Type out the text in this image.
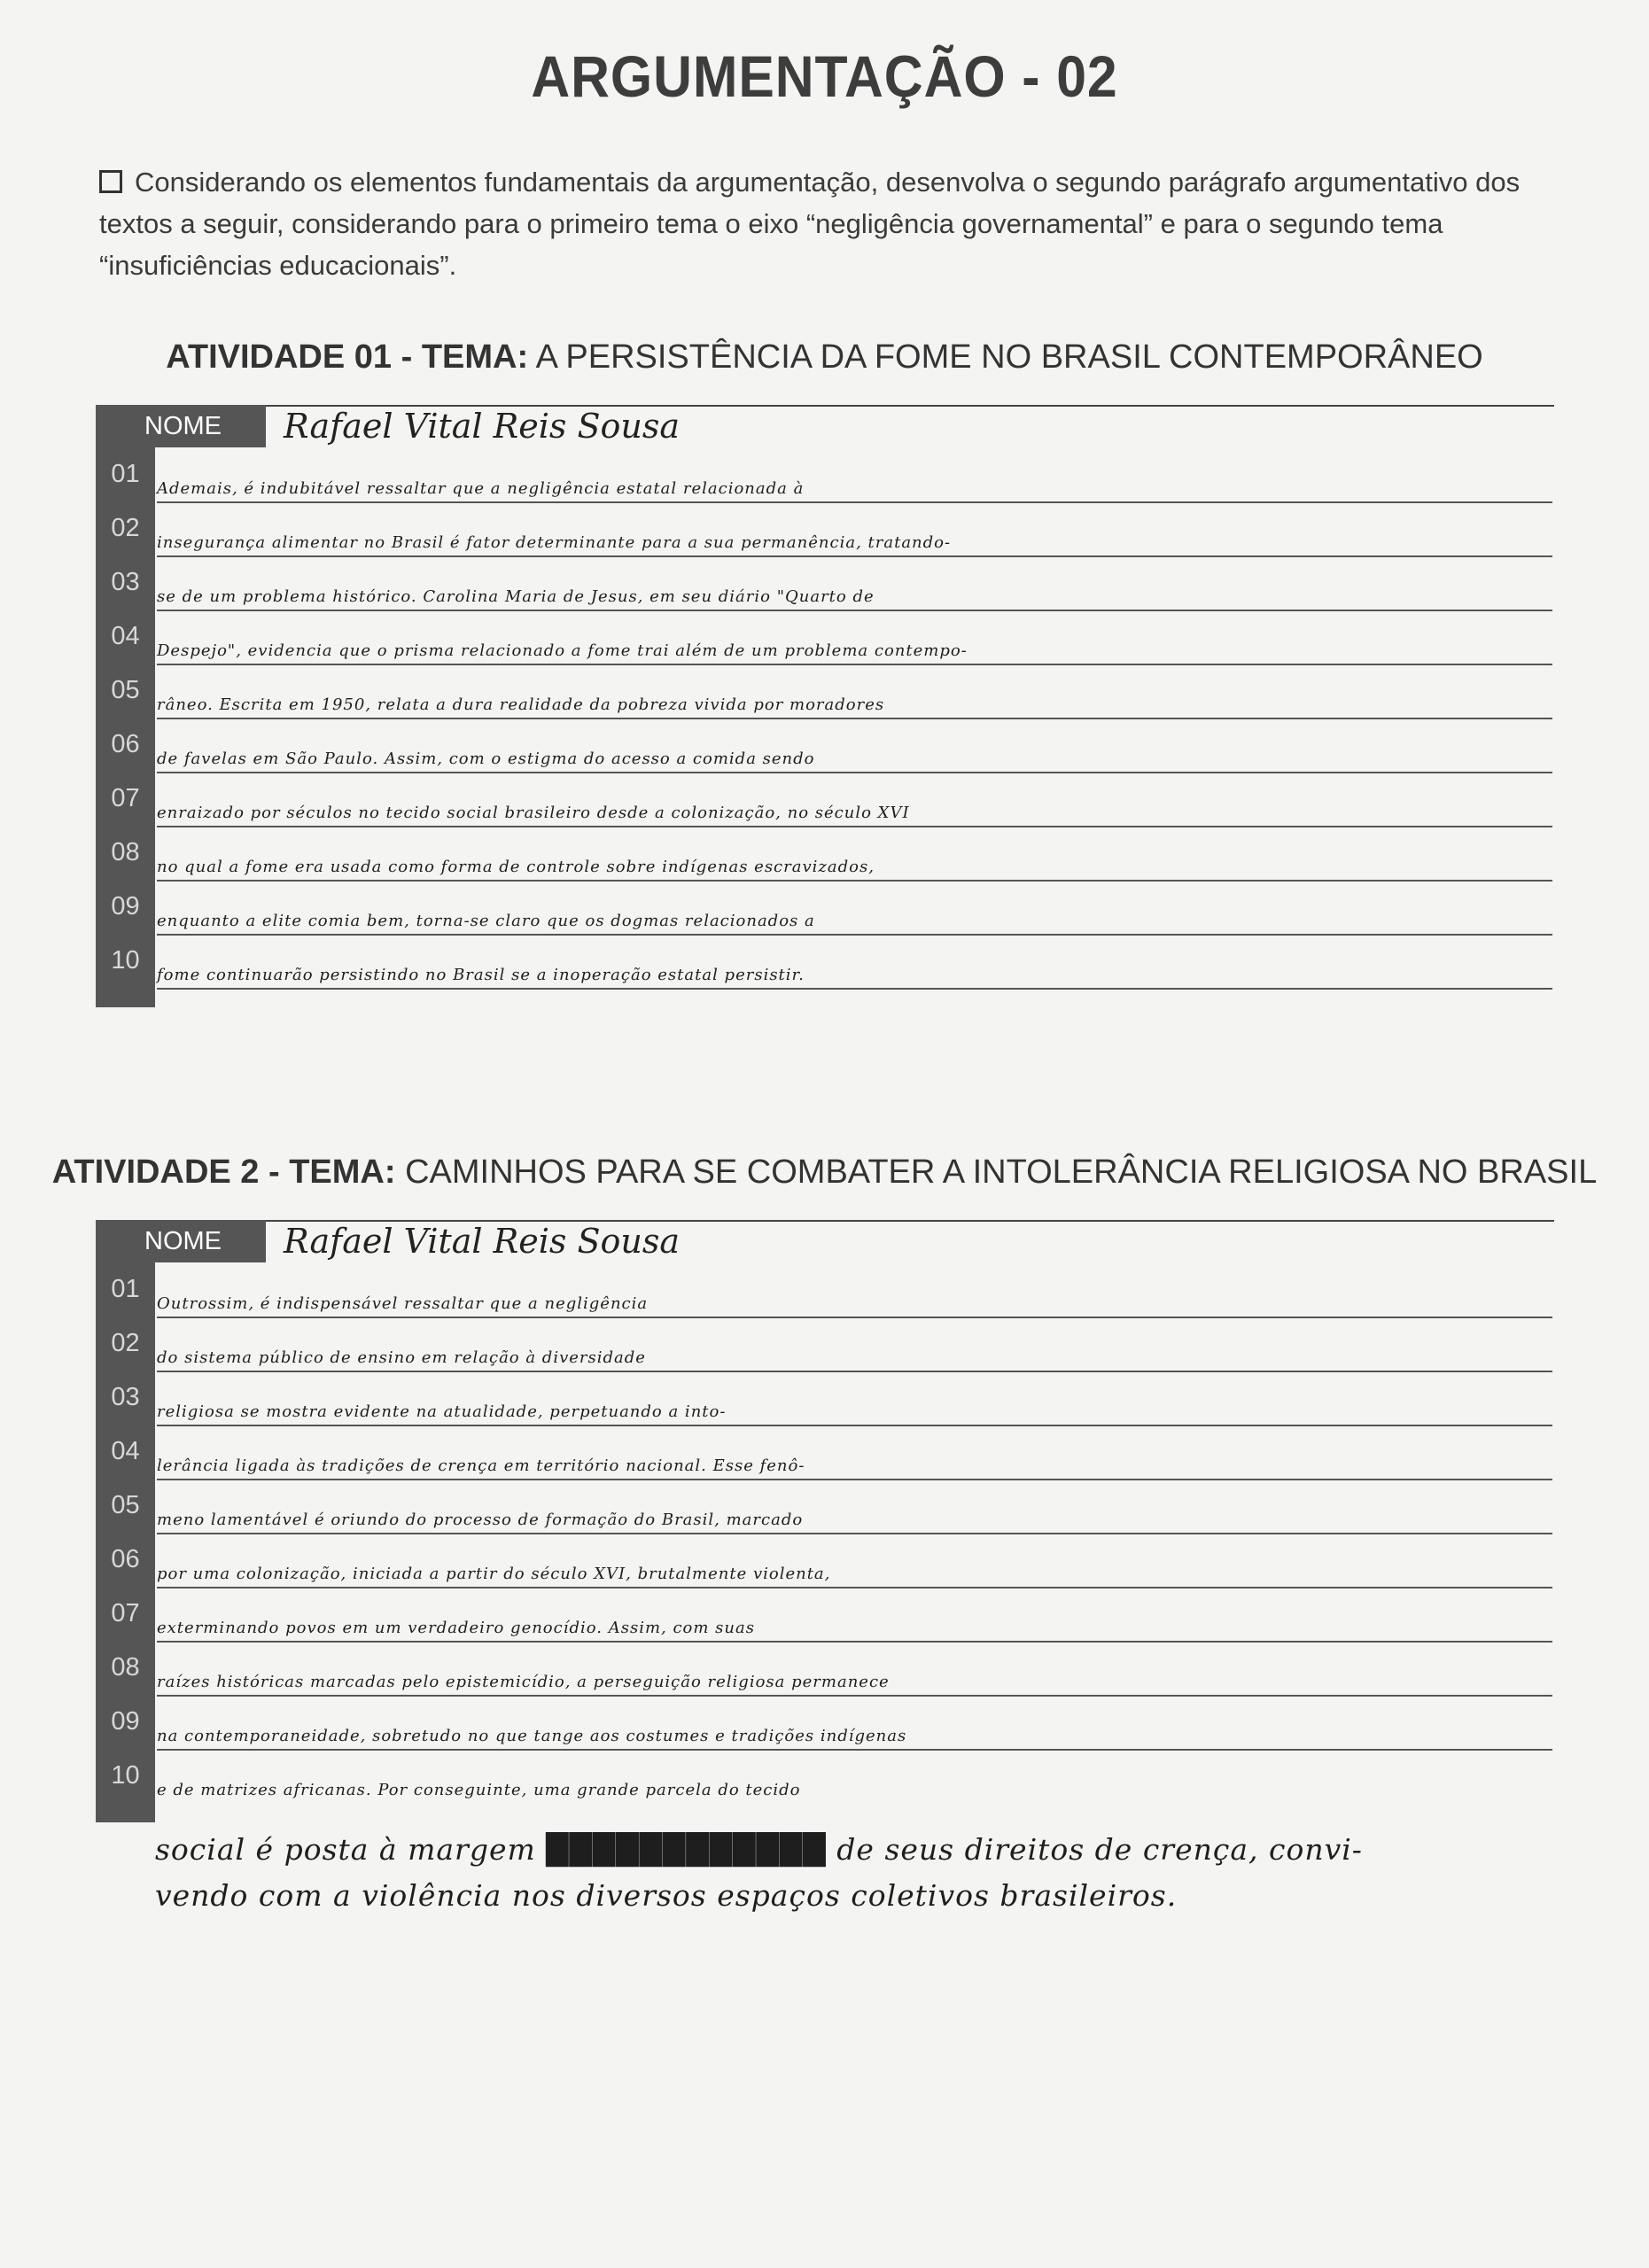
ARGUMENTAÇÃO - 02
Considerando os elementos fundamentais da argumentação, desenvolva o segundo parágrafo argumentativo dos textos a seguir, considerando para o primeiro tema o eixo “negligência governamental” e para o segundo tema “insuficiências educacionais”.
ATIVIDADE 01 - TEMA: A PERSISTÊNCIA DA FOME NO BRASIL CONTEMPORÂNEO
NOME	Rafael Vital Reis Sousa
Ademais, é indubitável ressaltar que a negligência estatal relacionada à
insegurança alimentar no Brasil é fator determinante para a sua permanência, tratando-
se de um problema histórico. Carolina Maria de Jesus, em seu diário "Quarto de
Despejo", evidencia que o prisma relacionado a fome trai além de um problema contempo-
râneo. Escrita em 1950, relata a dura realidade da pobreza vivida por moradores
de favelas em São Paulo. Assim, com o estigma do acesso a comida sendo
enraizado por séculos no tecido social brasileiro desde a colonização, no século XVI
no qual a fome era usada como forma de controle sobre indígenas escravizados,
enquanto a elite comia bem, torna-se claro que os dogmas relacionados a
fome continuarão persistindo no Brasil se a inoperação estatal persistir.
01
02
03
04
05
06
07
08
09
10
ATIVIDADE 2 - TEMA: CAMINHOS PARA SE COMBATER A INTOLERÂNCIA RELIGIOSA NO BRASIL
NOME	Rafael Vital Reis Sousa
Outrossim, é indispensável ressaltar que a negligência
do sistema público de ensino em relação à diversidade
religiosa se mostra evidente na atualidade, perpetuando a into-
lerância ligada às tradições de crença em território nacional. Esse fenô-
meno lamentável é oriundo do processo de formação do Brasil, marcado
por uma colonização, iniciada a partir do século XVI, brutalmente violenta,
exterminando povos em um verdadeiro genocídio. Assim, com suas
raízes históricas marcadas pelo epistemicídio, a perseguição religiosa permanece
na contemporaneidade, sobretudo no que tange aos costumes e tradições indígenas
e de matrizes africanas. Por conseguinte, uma grande parcela do tecido
01
02
03
04
05
06
07
08
09
10
social é posta à margem ████████████ de seus direitos de crença, convi-
vendo com a violência nos diversos espaços coletivos brasileiros.
